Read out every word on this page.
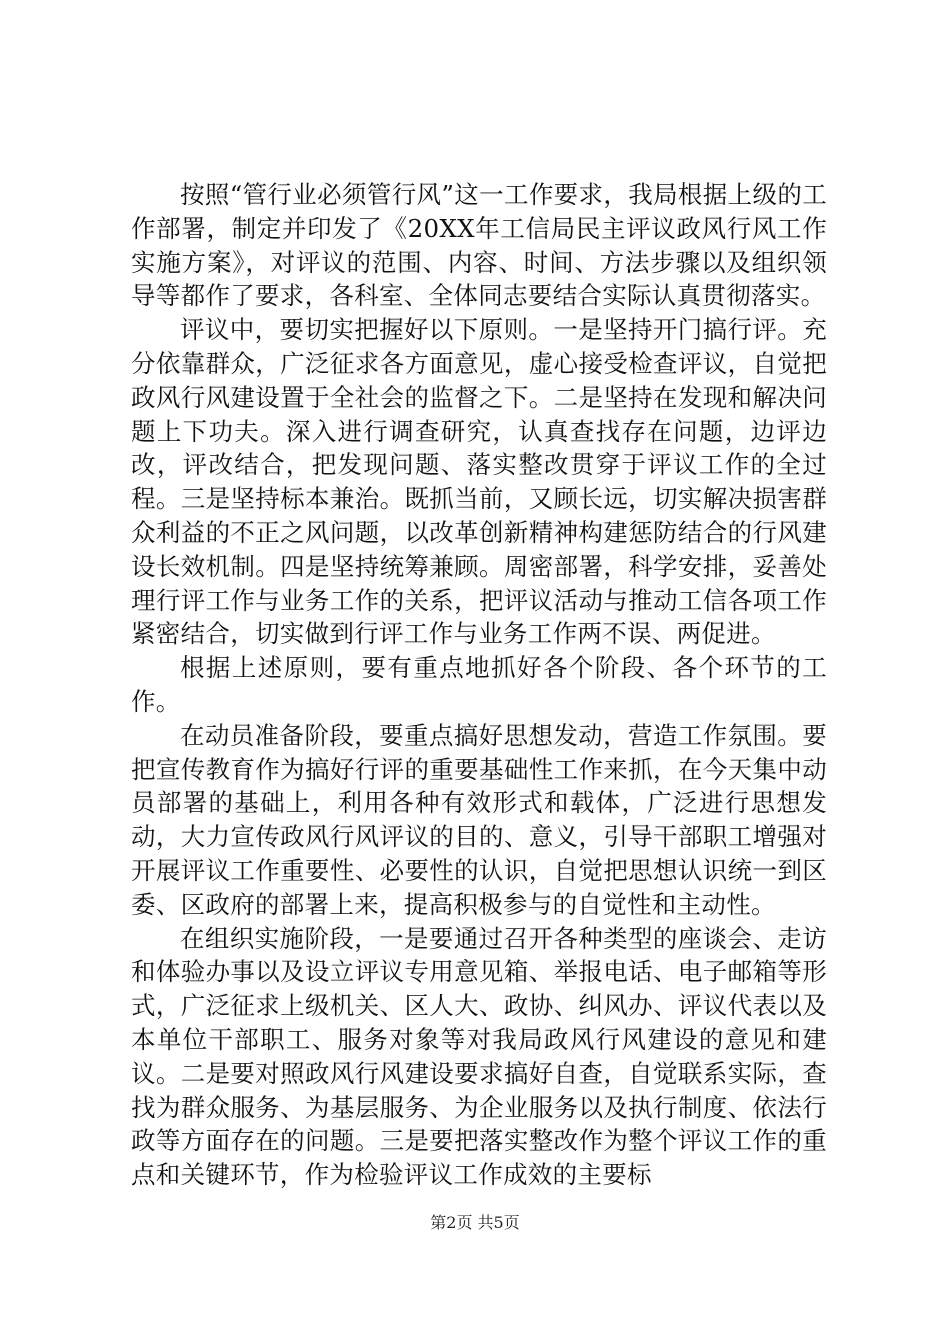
按照“管行业必须管行风”这一工作要求，我局根据上级的工作部署，制定并印发了《20XX年工信局民主评议政风行风工作实施方案》，对评议的范围、内容、时间、方法步骤以及组织领导等都作了要求，各科室、全体同志要结合实际认真贯彻落实。

评议中，要切实把握好以下原则。一是坚持开门搞行评。充分依靠群众，广泛征求各方面意见，虚心接受检查评议，自觉把政风行风建设置于全社会的监督之下。二是坚持在发现和解决问题上下功夫。深入进行调查研究，认真查找存在问题，边评边改，评改结合，把发现问题、落实整改贯穿于评议工作的全过程。三是坚持标本兼治。既抓当前，又顾长远，切实解决损害群众利益的不正之风问题，以改革创新精神构建惩防结合的行风建设长效机制。四是坚持统筹兼顾。周密部署，科学安排，妥善处理行评工作与业务工作的关系，把评议活动与推动工信各项工作紧密结合，切实做到行评工作与业务工作两不误、两促进。

根据上述原则，要有重点地抓好各个阶段、各个环节的工作。

在动员准备阶段，要重点搞好思想发动，营造工作氛围。要把宣传教育作为搞好行评的重要基础性工作来抓，在今天集中动员部署的基础上，利用各种有效形式和载体，广泛进行思想发动，大力宣传政风行风评议的目的、意义，引导干部职工增强对开展评议工作重要性、必要性的认识，自觉把思想认识统一到区委、区政府的部署上来，提高积极参与的自觉性和主动性。

在组织实施阶段，一是要通过召开各种类型的座谈会、走访和体验办事以及设立评议专用意见箱、举报电话、电子邮箱等形式，广泛征求上级机关、区人大、政协、纠风办、评议代表以及本单位干部职工、服务对象等对我局政风行风建设的意见和建议。二是要对照政风行风建设要求搞好自查，自觉联系实际，查找为群众服务、为基层服务、为企业服务以及执行制度、依法行政等方面存在的问题。三是要把落实整改作为整个评议工作的重点和关键环节，作为检验评议工作成效的主要标

第2页 共5页
